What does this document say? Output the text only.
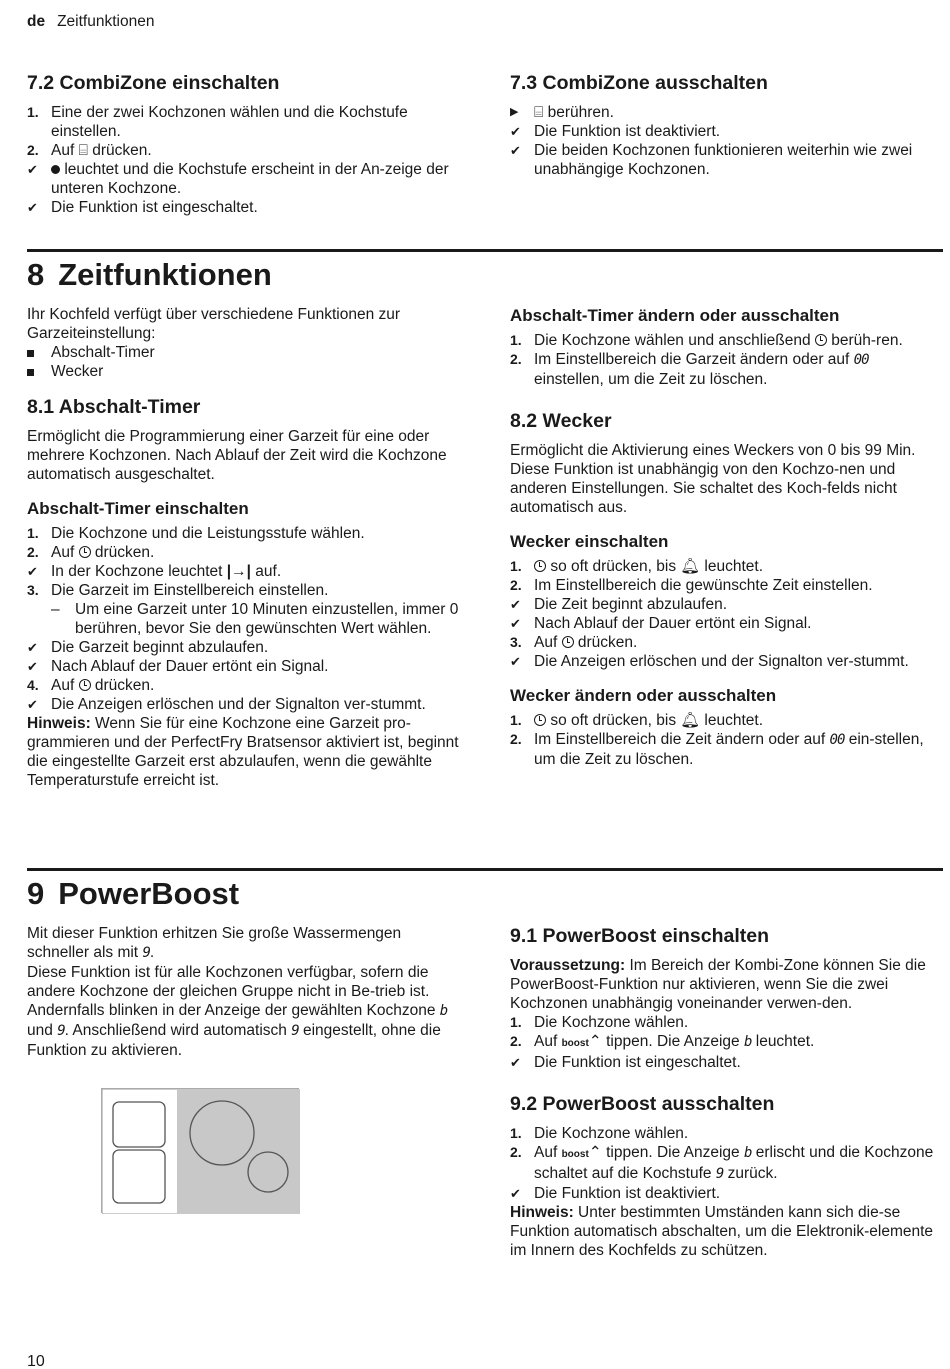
de Zeitfunktionen
7.2 CombiZone einschalten
1. Eine der zwei Kochzonen wählen und die Kochstufe einstellen.
2. Auf ⌸ drücken.
✔	leuchtet und die Kochstufe erscheint in der An-zeige der unteren Kochzone.
✔ Die Funktion ist eingeschaltet.
7.3 CombiZone ausschalten
▶	⌸ berühren.
✔ Die Funktion ist deaktiviert.
✔ Die beiden Kochzonen funktionieren weiterhin wie zwei unabhängige Kochzonen.
8 Zeitfunktionen

Ihr Kochfeld verfügt über verschiedene Funktionen zur Garzeiteinstellung:

Abschalt-Timer
Wecker
8.1 Abschalt-Timer

Ermöglicht die Programmierung einer Garzeit für eine oder mehrere Kochzonen. Nach Ablauf der Zeit wird die Kochzone automatisch ausgeschaltet.

Abschalt-Timer einschalten
1. Die Kochzone und die Leistungsstufe wählen.
2. Auf drücken.
✔ In der Kochzone leuchtet |→| auf.
3. Die Garzeit im Einstellbereich einstellen.
– Um eine Garzeit unter 10 Minuten einzustellen, immer 0 berühren, bevor Sie den gewünschten Wert wählen.
✔ Die Garzeit beginnt abzulaufen.
✔ Nach Ablauf der Dauer ertönt ein Signal.
4. Auf drücken.
✔ Die Anzeigen erlöschen und der Signalton ver-stummt.

Hinweis: Wenn Sie für eine Kochzone eine Garzeit pro-grammieren und der PerfectFry Bratsensor aktiviert ist, beginnt die eingestellte Garzeit erst abzulaufen, wenn die gewählte Temperaturstufe erreicht ist.

Abschalt-Timer ändern oder ausschalten
1. Die Kochzone wählen und anschließend berüh-ren.
2. Im Einstellbereich die Garzeit ändern oder auf 00 einstellen, um die Zeit zu löschen.
8.2 Wecker

Ermöglicht die Aktivierung eines Weckers von 0 bis 99 Min. Diese Funktion ist unabhängig von den Kochzo-nen und anderen Einstellungen. Sie schaltet des Koch-felds nicht automatisch aus.

Wecker einschalten
1.	so oft drücken, bis 🔔︎ leuchtet.
2. Im Einstellbereich die gewünschte Zeit einstellen.
✔ Die Zeit beginnt abzulaufen.
✔ Nach Ablauf der Dauer ertönt ein Signal.
3. Auf drücken.
✔ Die Anzeigen erlöschen und der Signalton ver-stummt.
Wecker ändern oder ausschalten
1.	so oft drücken, bis 🔔︎ leuchtet.
2. Im Einstellbereich die Zeit ändern oder auf 00 ein-stellen, um die Zeit zu löschen.
9 PowerBoost

Mit dieser Funktion erhitzen Sie große Wassermengen schneller als mit 9.

Diese Funktion ist für alle Kochzonen verfügbar, sofern die andere Kochzone der gleichen Gruppe nicht in Be-trieb ist.

Andernfalls blinken in der Anzeige der gewählten Kochzone b und 9. Anschließend wird automatisch 9 eingestellt, ohne die Funktion zu aktivieren.

9.1 PowerBoost einschalten

Voraussetzung: Im Bereich der Kombi-Zone können Sie die PowerBoost-Funktion nur aktivieren, wenn Sie die zwei Kochzonen unabhängig voneinander verwen-den.

1. Die Kochzone wählen.
2. Auf boost⌃ tippen. Die Anzeige b leuchtet.
✔ Die Funktion ist eingeschaltet.
9.2 PowerBoost ausschalten
1. Die Kochzone wählen.
2. Auf boost⌃ tippen. Die Anzeige b erlischt und die Kochzone schaltet auf die Kochstufe 9 zurück.
✔ Die Funktion ist deaktiviert.

Hinweis: Unter bestimmten Umständen kann sich die-se Funktion automatisch abschalten, um die Elektronik-elemente im Innern des Kochfelds zu schützen.

10
